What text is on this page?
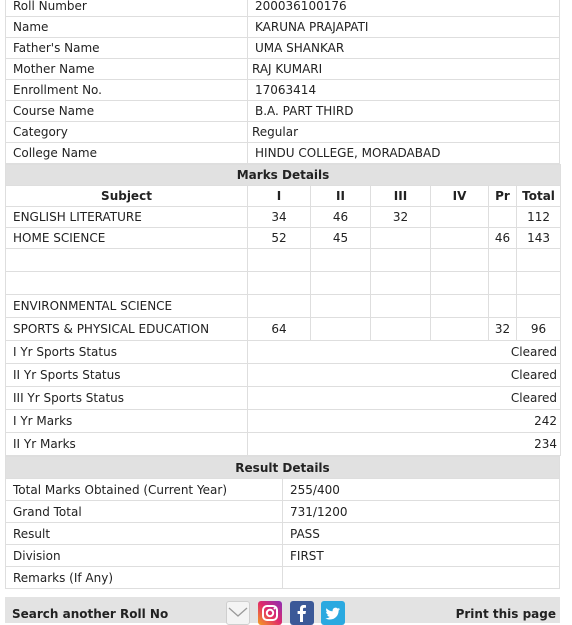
Roll Number	200036100176
Name	KARUNA PRAJAPATI
Father's Name	UMA SHANKAR
Mother Name	RAJ KUMARI
Enrollment No.	17063414
Course Name	B.A. PART THIRD
Category	Regular
College Name	HINDU COLLEGE, MORADABAD
Marks Details						
Subject	I	II	III	IV	Pr	Total
ENGLISH LITERATURE	34	46	32			112
HOME SCIENCE	52	45			46	143

ENVIRONMENTAL SCIENCE						
SPORTS & PHYSICAL EDUCATION	64				32	96
I Yr Sports Status	Cleared					
II Yr Sports Status	Cleared					
III Yr Sports Status	Cleared					
I Yr Marks	242					
II Yr Marks	234					
Result Details	
Total Marks Obtained (Current Year)	255/400
Grand Total	731/1200
Result	PASS
Division	FIRST
Remarks (If Any)	
Search another Roll No	Print this page
